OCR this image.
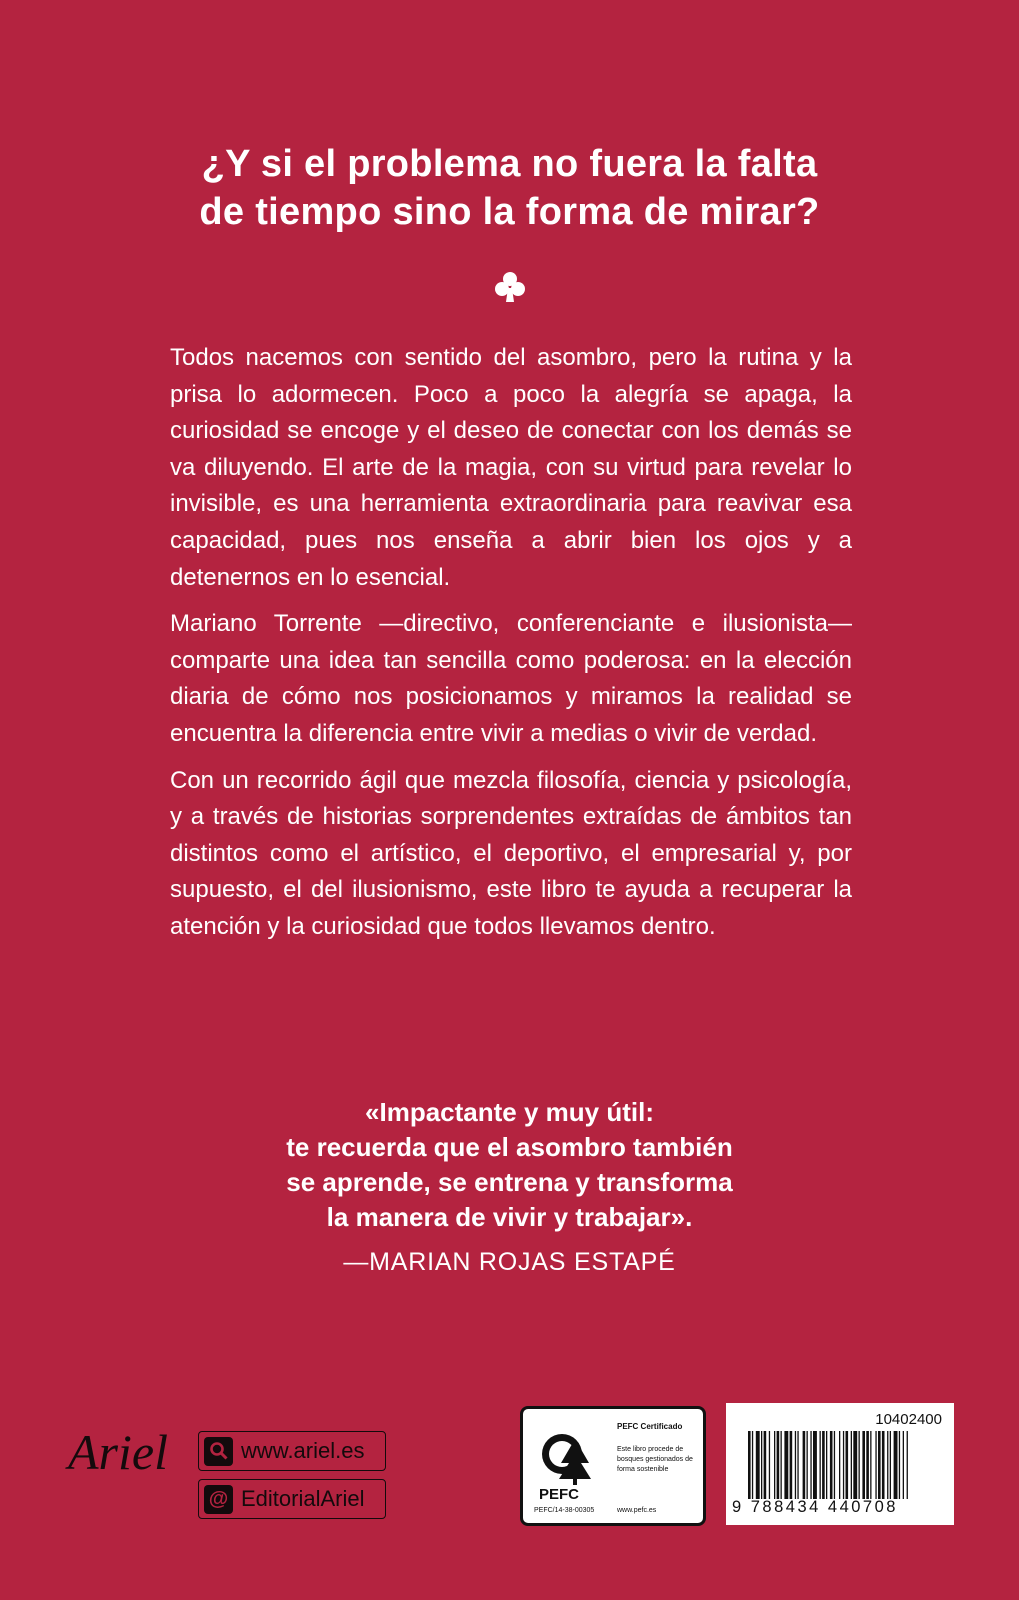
¿Y si el problema no fuera la falta
de tiempo sino la forma de mirar?

Todos nacemos con sentido del asombro, pero la rutina y la prisa lo adormecen. Poco a poco la alegría se apaga, la curiosidad se encoge y el deseo de conectar con los demás se va diluyendo. El arte de la magia, con su virtud para revelar lo invisible, es una herramienta extraordinaria para reavivar esa capacidad, pues nos enseña a abrir bien los ojos y a detenernos en lo esencial.

Mariano Torrente —directivo, conferenciante e ilusionista— comparte una idea tan sencilla como poderosa: en la elección diaria de cómo nos posicionamos y miramos la realidad se encuentra la diferencia entre vivir a medias o vivir de verdad.

Con un recorrido ágil que mezcla filosofía, ciencia y psicología, y a través de historias sorprendentes extraídas de ámbitos tan distintos como el artístico, el deportivo, el empresarial y, por supuesto, el del ilusionismo, este libro te ayuda a recuperar la atención y la curiosidad que todos llevamos dentro.

«Impactante y muy útil:
te recuerda que el asombro también
se aprende, se entrena y transforma
la manera de vivir y trabajar».
—MARIAN ROJAS ESTAPÉ
Ariel	www.ariel.es
@ EditorialAriel	PEFC
PEFC Certificado
Este libro procede de bosques gestionados de forma sostenible
www.pefc.es
PEFC/14-38-00305
10402400
9 788434 440708
